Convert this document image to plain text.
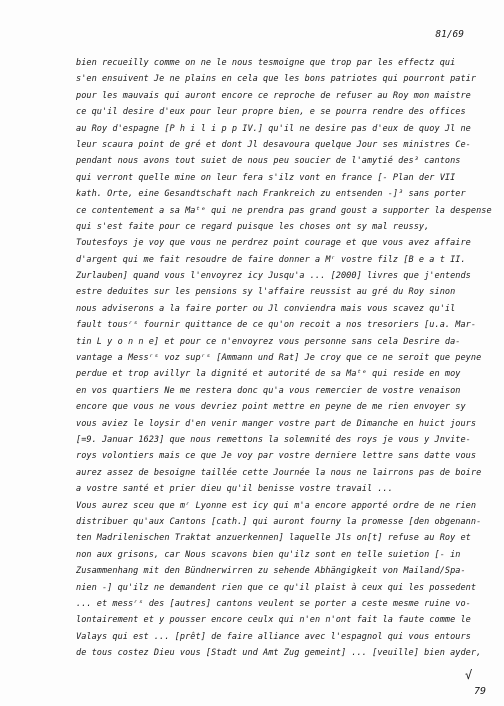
81/69
bien recueilly comme on ne le nous tesmoigne que trop par les effectz qui
s'en ensuivent Je ne plains en cela que les bons patriotes qui pourront patir
pour les mauvais qui auront encore ce reproche de refuser au Roy mon maistre
ce qu'il desire d'eux pour leur propre bien, e se pourra rendre des offices
au Roy d'espagne [P h i l i p p IV.] qu'il ne desire pas d'eux de quoy Jl ne
leur scaura point de gré et dont Jl desavoura quelque Jour ses ministres Ce-
pendant nous avons tout suiet de nous peu soucier de l'amytié des³ cantons
qui verront quelle mine on leur fera s'ilz vont en france [- Plan der VII
kath. Orte, eine Gesandtschaft nach Frankreich zu entsenden -]³ sans porter
ce contentement a sa Maᵗᵉ qui ne prendra pas grand goust a supporter la despense
qui s'est faite pour ce regard puisque les choses ont sy mal reussy,
Toutesfoys je voy que vous ne perdrez point courage et que vous avez affaire
d'argent qui me fait resoudre de faire donner a Mʳ vostre filz [B e a t II.
Zurlauben] quand vous l'envoyrez icy Jusqu'a ... [2000] livres que j'entends
estre deduites sur les pensions sy l'affaire reussist au gré du Roy sinon
nous adviserons a la faire porter ou Jl conviendra mais vous scavez qu'il
fault tousʳˢ fournir quittance de ce qu'on recoit a nos tresoriers [u.a. Mar-
tin L y o n n e] et pour ce n'envoyrez vous personne sans cela Desrire da-
vantage a Messʳˢ voz supʳˢ [Ammann und Rat] Je croy que ce ne seroit que peyne
perdue et trop avillyr la dignité et autorité de sa Maᵗᵉ qui reside en moy
en vos quartiers Ne me restera donc qu'a vous remercier de vostre venaison
encore que vous ne vous devriez point mettre en peyne de me rien envoyer sy
vous aviez le loysir d'en venir manger vostre part de Dimanche en huict jours
[=9. Januar 1623] que nous remettons la solemnité des roys je vous y Jnvite-
roys volontiers mais ce que Je voy par vostre derniere lettre sans datte vous
aurez assez de besoigne taillée cette Journée la nous ne lairrons pas de boire
a vostre santé et prier dieu qu'il benisse vostre travail ...
Vous aurez sceu que mʳ Lyonne est icy qui m'a encore apporté ordre de ne rien
distribuer qu'aux Cantons [cath.] qui auront fourny la promesse [den obgenann-
ten Madrilenischen Traktat anzuerkennen] laquelle Jls on[t] refuse au Roy et
non aux grisons, car Nous scavons bien qu'ilz sont en telle suietion [- in
Zusammenhang mit den Bündnerwirren zu sehende Abhängigkeit von Mailand/Spa-
nien -] qu'ilz ne demandent rien que ce qu'il plaist à ceux qui les possedent
... et messʳˢ des [autres] cantons veulent se porter a ceste mesme ruine vo-
lontairement et y pousser encore ceulx qui n'en n'ont fait la faute comme le
Valays qui est ... [prêt] de faire alliance avec l'espagnol qui vous entours
de tous costez Dieu vous [Stadt und Amt Zug gemeint] ... [veuille] bien ayder,
√
79
